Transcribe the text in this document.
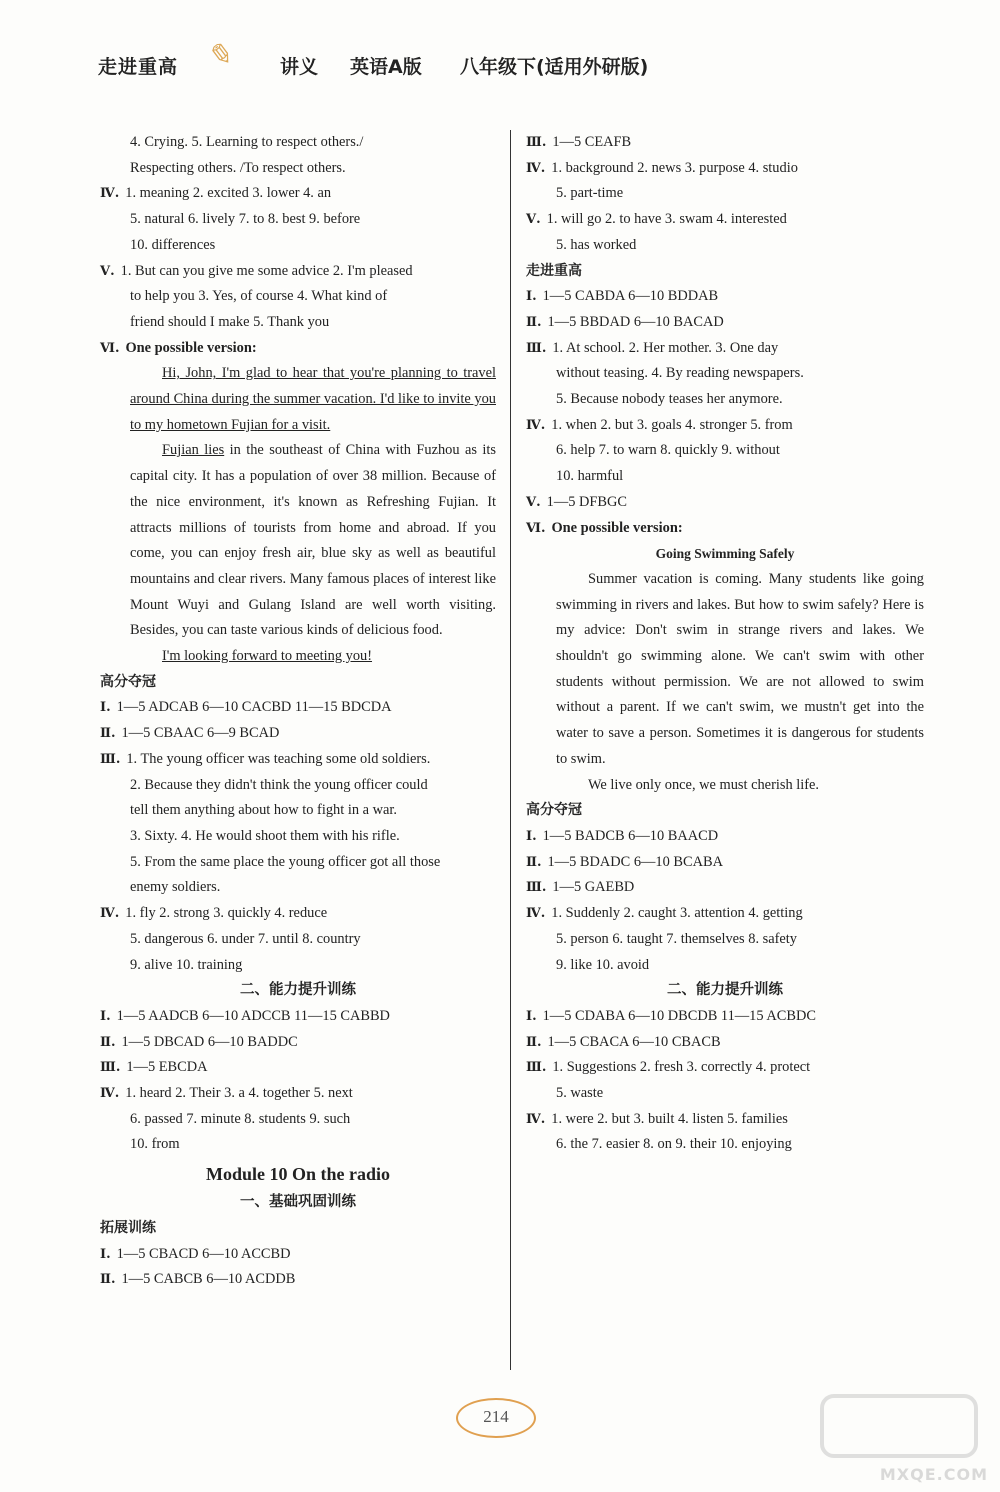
走进重高 ✎	讲义 英语A版 八年级下(适用外研版)

4. Crying. 5. Learning to respect others./

Respecting others. /To respect others.

Ⅳ. 1. meaning 2. excited 3. lower 4. an

5. natural 6. lively 7. to 8. best 9. before

10. differences

Ⅴ. 1. But can you give me some advice 2. I'm pleased

to help you 3. Yes, of course 4. What kind of

friend should I make 5. Thank you

Ⅵ. One possible version:

Hi, John, I'm glad to hear that you're planning to travel around China during the summer vacation. I'd like to invite you to my hometown Fujian for a visit.

Fujian lies in the southeast of China with Fuzhou as its capital city. It has a population of over 38 million. Because of the nice environment, it's known as Refreshing Fujian. It attracts millions of tourists from home and abroad. If you come, you can enjoy fresh air, blue sky as well as beautiful mountains and clear rivers. Many famous places of interest like Mount Wuyi and Gulang Island are well worth visiting. Besides, you can taste various kinds of delicious food.

I'm looking forward to meeting you!

高分夺冠

Ⅰ. 1—5 ADCAB 6—10 CACBD 11—15 BDCDA

Ⅱ. 1—5 CBAAC 6—9 BCAD

Ⅲ. 1. The young officer was teaching some old soldiers.

2. Because they didn't think the young officer could

tell them anything about how to fight in a war.

3. Sixty. 4. He would shoot them with his rifle.

5. From the same place the young officer got all those

enemy soldiers.

Ⅳ. 1. fly 2. strong 3. quickly 4. reduce

5. dangerous 6. under 7. until 8. country

9. alive 10. training

二、能力提升训练

Ⅰ. 1—5 AADCB 6—10 ADCCB 11—15 CABBD

Ⅱ. 1—5 DBCAD 6—10 BADDC

Ⅲ. 1—5 EBCDA

Ⅳ. 1. heard 2. Their 3. a 4. together 5. next

6. passed 7. minute 8. students 9. such

10. from

Module 10 On the radio

一、基础巩固训练

拓展训练

Ⅰ. 1—5 CBACD 6—10 ACCBD

Ⅱ. 1—5 CABCB 6—10 ACDDB

Ⅲ. 1—5 CEAFB

Ⅳ. 1. background 2. news 3. purpose 4. studio

5. part-time

Ⅴ. 1. will go 2. to have 3. swam 4. interested

5. has worked

走进重高

Ⅰ. 1—5 CABDA 6—10 BDDAB

Ⅱ. 1—5 BBDAD 6—10 BACAD

Ⅲ. 1. At school. 2. Her mother. 3. One day

without teasing. 4. By reading newspapers.

5. Because nobody teases her anymore.

Ⅳ. 1. when 2. but 3. goals 4. stronger 5. from

6. help 7. to warn 8. quickly 9. without

10. harmful

Ⅴ. 1—5 DFBGC

Ⅵ. One possible version:

Going Swimming Safely

Summer vacation is coming. Many students like going swimming in rivers and lakes. But how to swim safely? Here is my advice: Don't swim in strange rivers and lakes. We shouldn't go swimming alone. We can't swim with other students without permission. We are not allowed to swim without a parent. If we can't swim, we mustn't get into the water to save a person. Sometimes it is dangerous for students to swim.

We live only once, we must cherish life.

高分夺冠

Ⅰ. 1—5 BADCB 6—10 BAACD

Ⅱ. 1—5 BDADC 6—10 BCABA

Ⅲ. 1—5 GAEBD

Ⅳ. 1. Suddenly 2. caught 3. attention 4. getting

5. person 6. taught 7. themselves 8. safety

9. like 10. avoid

二、能力提升训练

Ⅰ. 1—5 CDABA 6—10 DBCDB 11—15 ACBDC

Ⅱ. 1—5 CBACA 6—10 CBACB

Ⅲ. 1. Suggestions 2. fresh 3. correctly 4. protect

5. waste

Ⅳ. 1. were 2. but 3. built 4. listen 5. families

6. the 7. easier 8. on 9. their 10. enjoying

214
MXQE.COM
